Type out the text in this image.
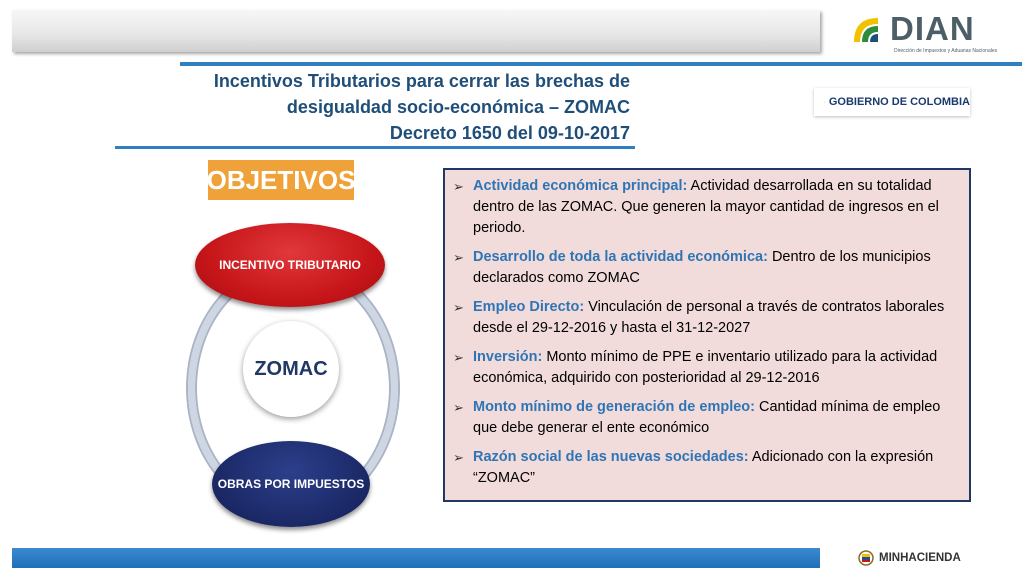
DIAN
Dirección de Impuestos y Aduanas Nacionales
Incentivos Tributarios para cerrar las brechas de
desigualdad socio-económica – ZOMAC
Decreto 1650 del 09-10-2017
GOBIERNO DE COLOMBIA
OBJETIVOS
ZOMAC
INCENTIVO TRIBUTARIO
OBRAS POR IMPUESTOS
➢ Actividad económica principal: Actividad desarrollada en su totalidad dentro de las ZOMAC. Que generen la mayor cantidad de ingresos en el periodo.
➢ Desarrollo de toda la actividad económica: Dentro de los municipios declarados como ZOMAC
➢ Empleo Directo: Vinculación de personal a través de contratos laborales desde el 29-12-2016 y hasta el 31-12-2027
➢ Inversión: Monto mínimo de PPE e inventario utilizado para la actividad económica, adquirido con posterioridad al 29-12-2016
➢ Monto mínimo de generación de empleo: Cantidad mínima de empleo que debe generar el ente económico
➢ Razón social de las nuevas sociedades: Adicionado con la expresión “ZOMAC”
MINHACIENDA
